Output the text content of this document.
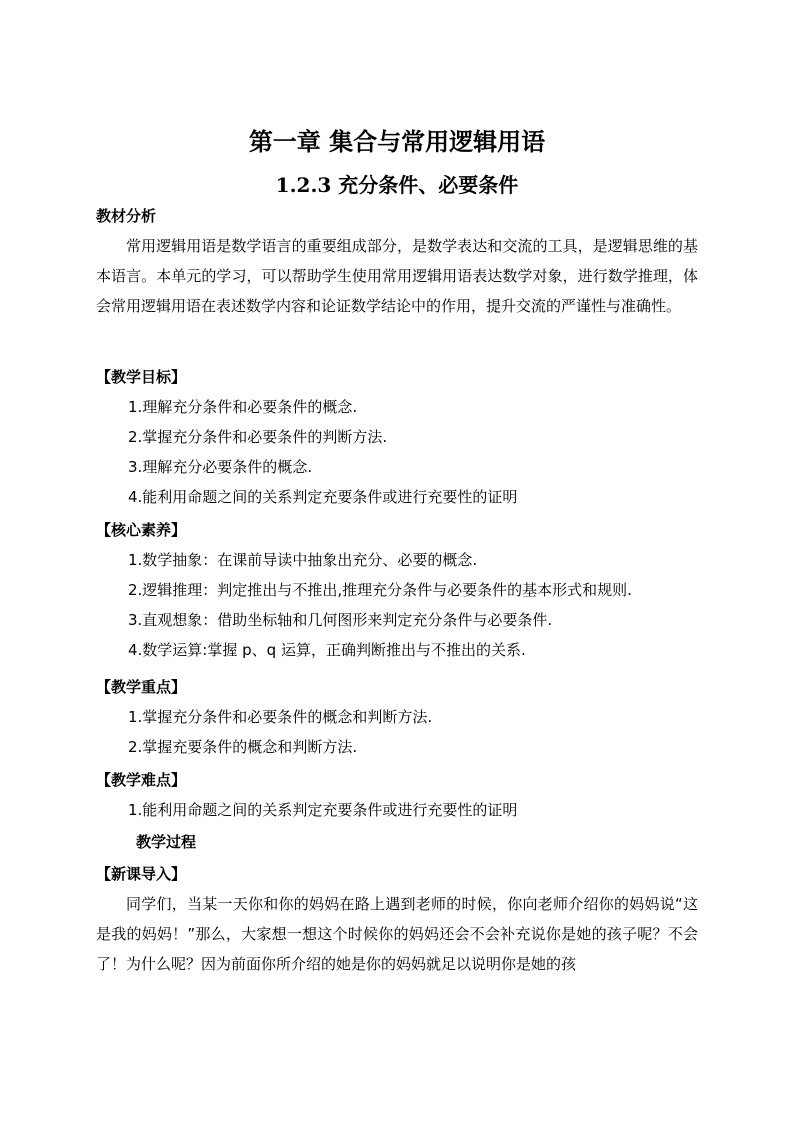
第一章 集合与常用逻辑用语
1.2.3 充分条件、必要条件
教材分析
常用逻辑用语是数学语言的重要组成部分，是数学表达和交流的工具，是逻辑思维的基本语言。本单元的学习，可以帮助学生使用常用逻辑用语表达数学对象，进行数学推理，体会常用逻辑用语在表述数学内容和论证数学结论中的作用，提升交流的严谨性与准确性。
【教学目标】
1.理解充分条件和必要条件的概念.
2.掌握充分条件和必要条件的判断方法.
3.理解充分必要条件的概念.
4.能利用命题之间的关系判定充要条件或进行充要性的证明
【核心素养】
1.数学抽象：在课前导读中抽象出充分、必要的概念.
2.逻辑推理：判定推出与不推出,推理充分条件与必要条件的基本形式和规则.
3.直观想象：借助坐标轴和几何图形来判定充分条件与必要条件.
4.数学运算:掌握 p、q 运算，正确判断推出与不推出的关系.
【教学重点】
1.掌握充分条件和必要条件的概念和判断方法.
2.掌握充要条件的概念和判断方法.
【教学难点】
1.能利用命题之间的关系判定充要条件或进行充要性的证明
教学过程
【新课导入】
同学们，当某一天你和你的妈妈在路上遇到老师的时候，你向老师介绍你的妈妈说“这是我的妈妈！”那么，大家想一想这个时候你的妈妈还会不会补充说你是她的孩子呢？不会了！为什么呢？因为前面你所介绍的她是你的妈妈就足以说明你是她的孩
